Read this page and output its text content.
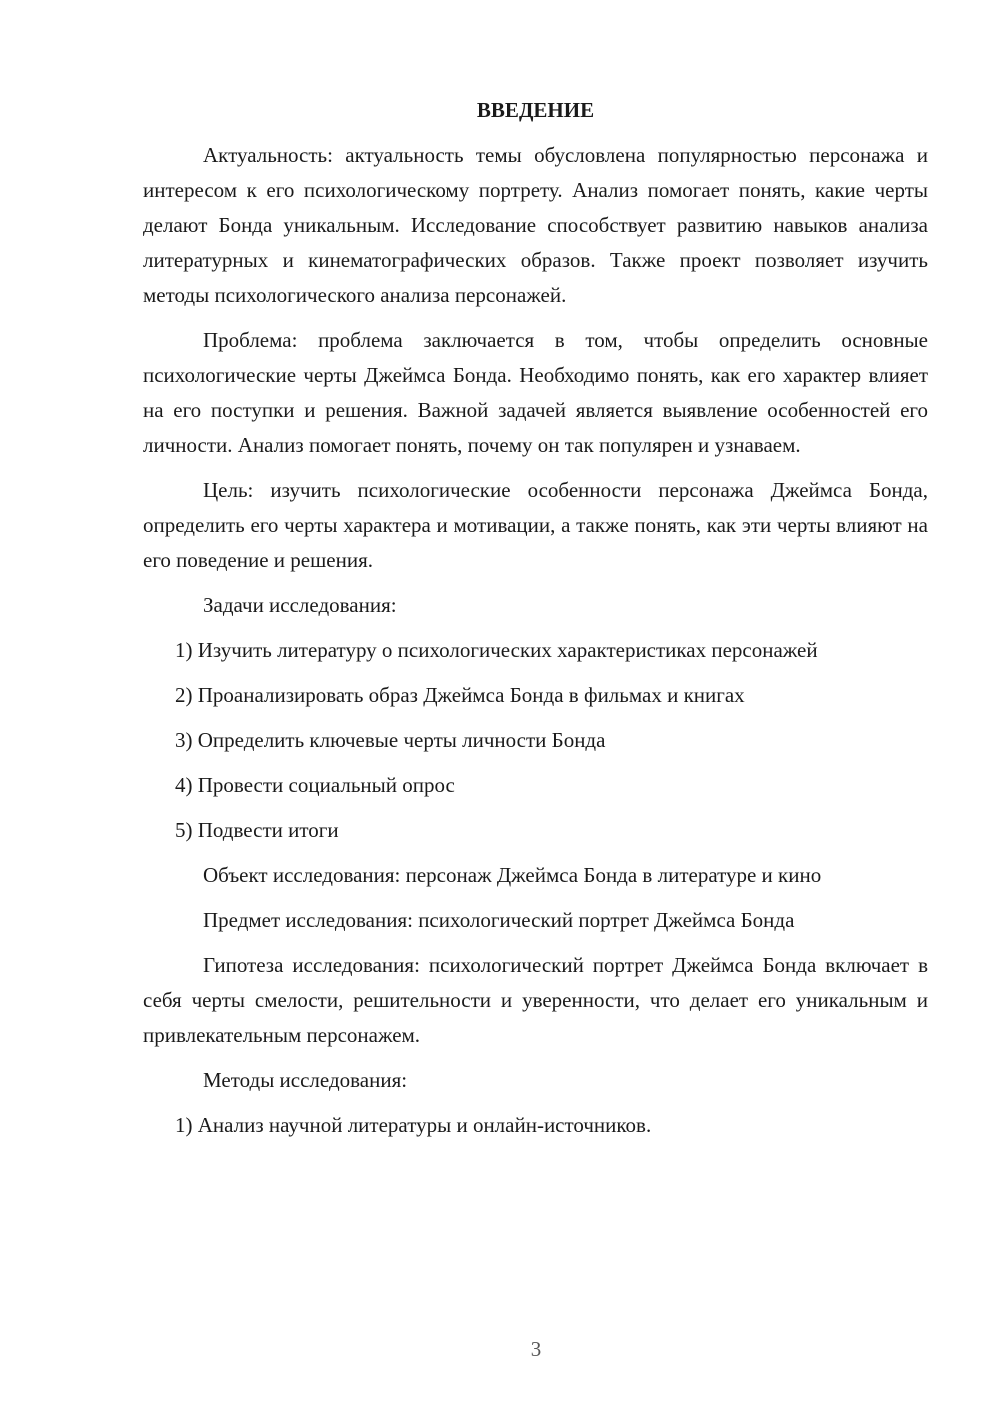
ВВЕДЕНИЕ

Актуальность: актуальность темы обусловлена популярностью персонажа и интересом к его психологическому портрету. Анализ помогает понять, какие черты делают Бонда уникальным. Исследование способствует развитию навыков анализа литературных и кинематографических образов. Также проект позволяет изучить методы психологического анализа персонажей.

Проблема: проблема заключается в том, чтобы определить основные психологические черты Джеймса Бонда. Необходимо понять, как его характер влияет на его поступки и решения. Важной задачей является выявление особенностей его личности. Анализ помогает понять, почему он так популярен и узнаваем.

Цель: изучить психологические особенности персонажа Джеймса Бонда, определить его черты характера и мотивации, а также понять, как эти черты влияют на его поведение и решения.

Задачи исследования:

1) Изучить литературу о психологических характеристиках персонажей

2) Проанализировать образ Джеймса Бонда в фильмах и книгах

3) Определить ключевые черты личности Бонда

4) Провести социальный опрос

5) Подвести итоги

Объект исследования: персонаж Джеймса Бонда в литературе и кино

Предмет исследования: психологический портрет Джеймса Бонда

Гипотеза исследования: психологический портрет Джеймса Бонда включает в себя черты смелости, решительности и уверенности, что делает его уникальным и привлекательным персонажем.

Методы исследования:

1) Анализ научной литературы и онлайн-источников.

3
